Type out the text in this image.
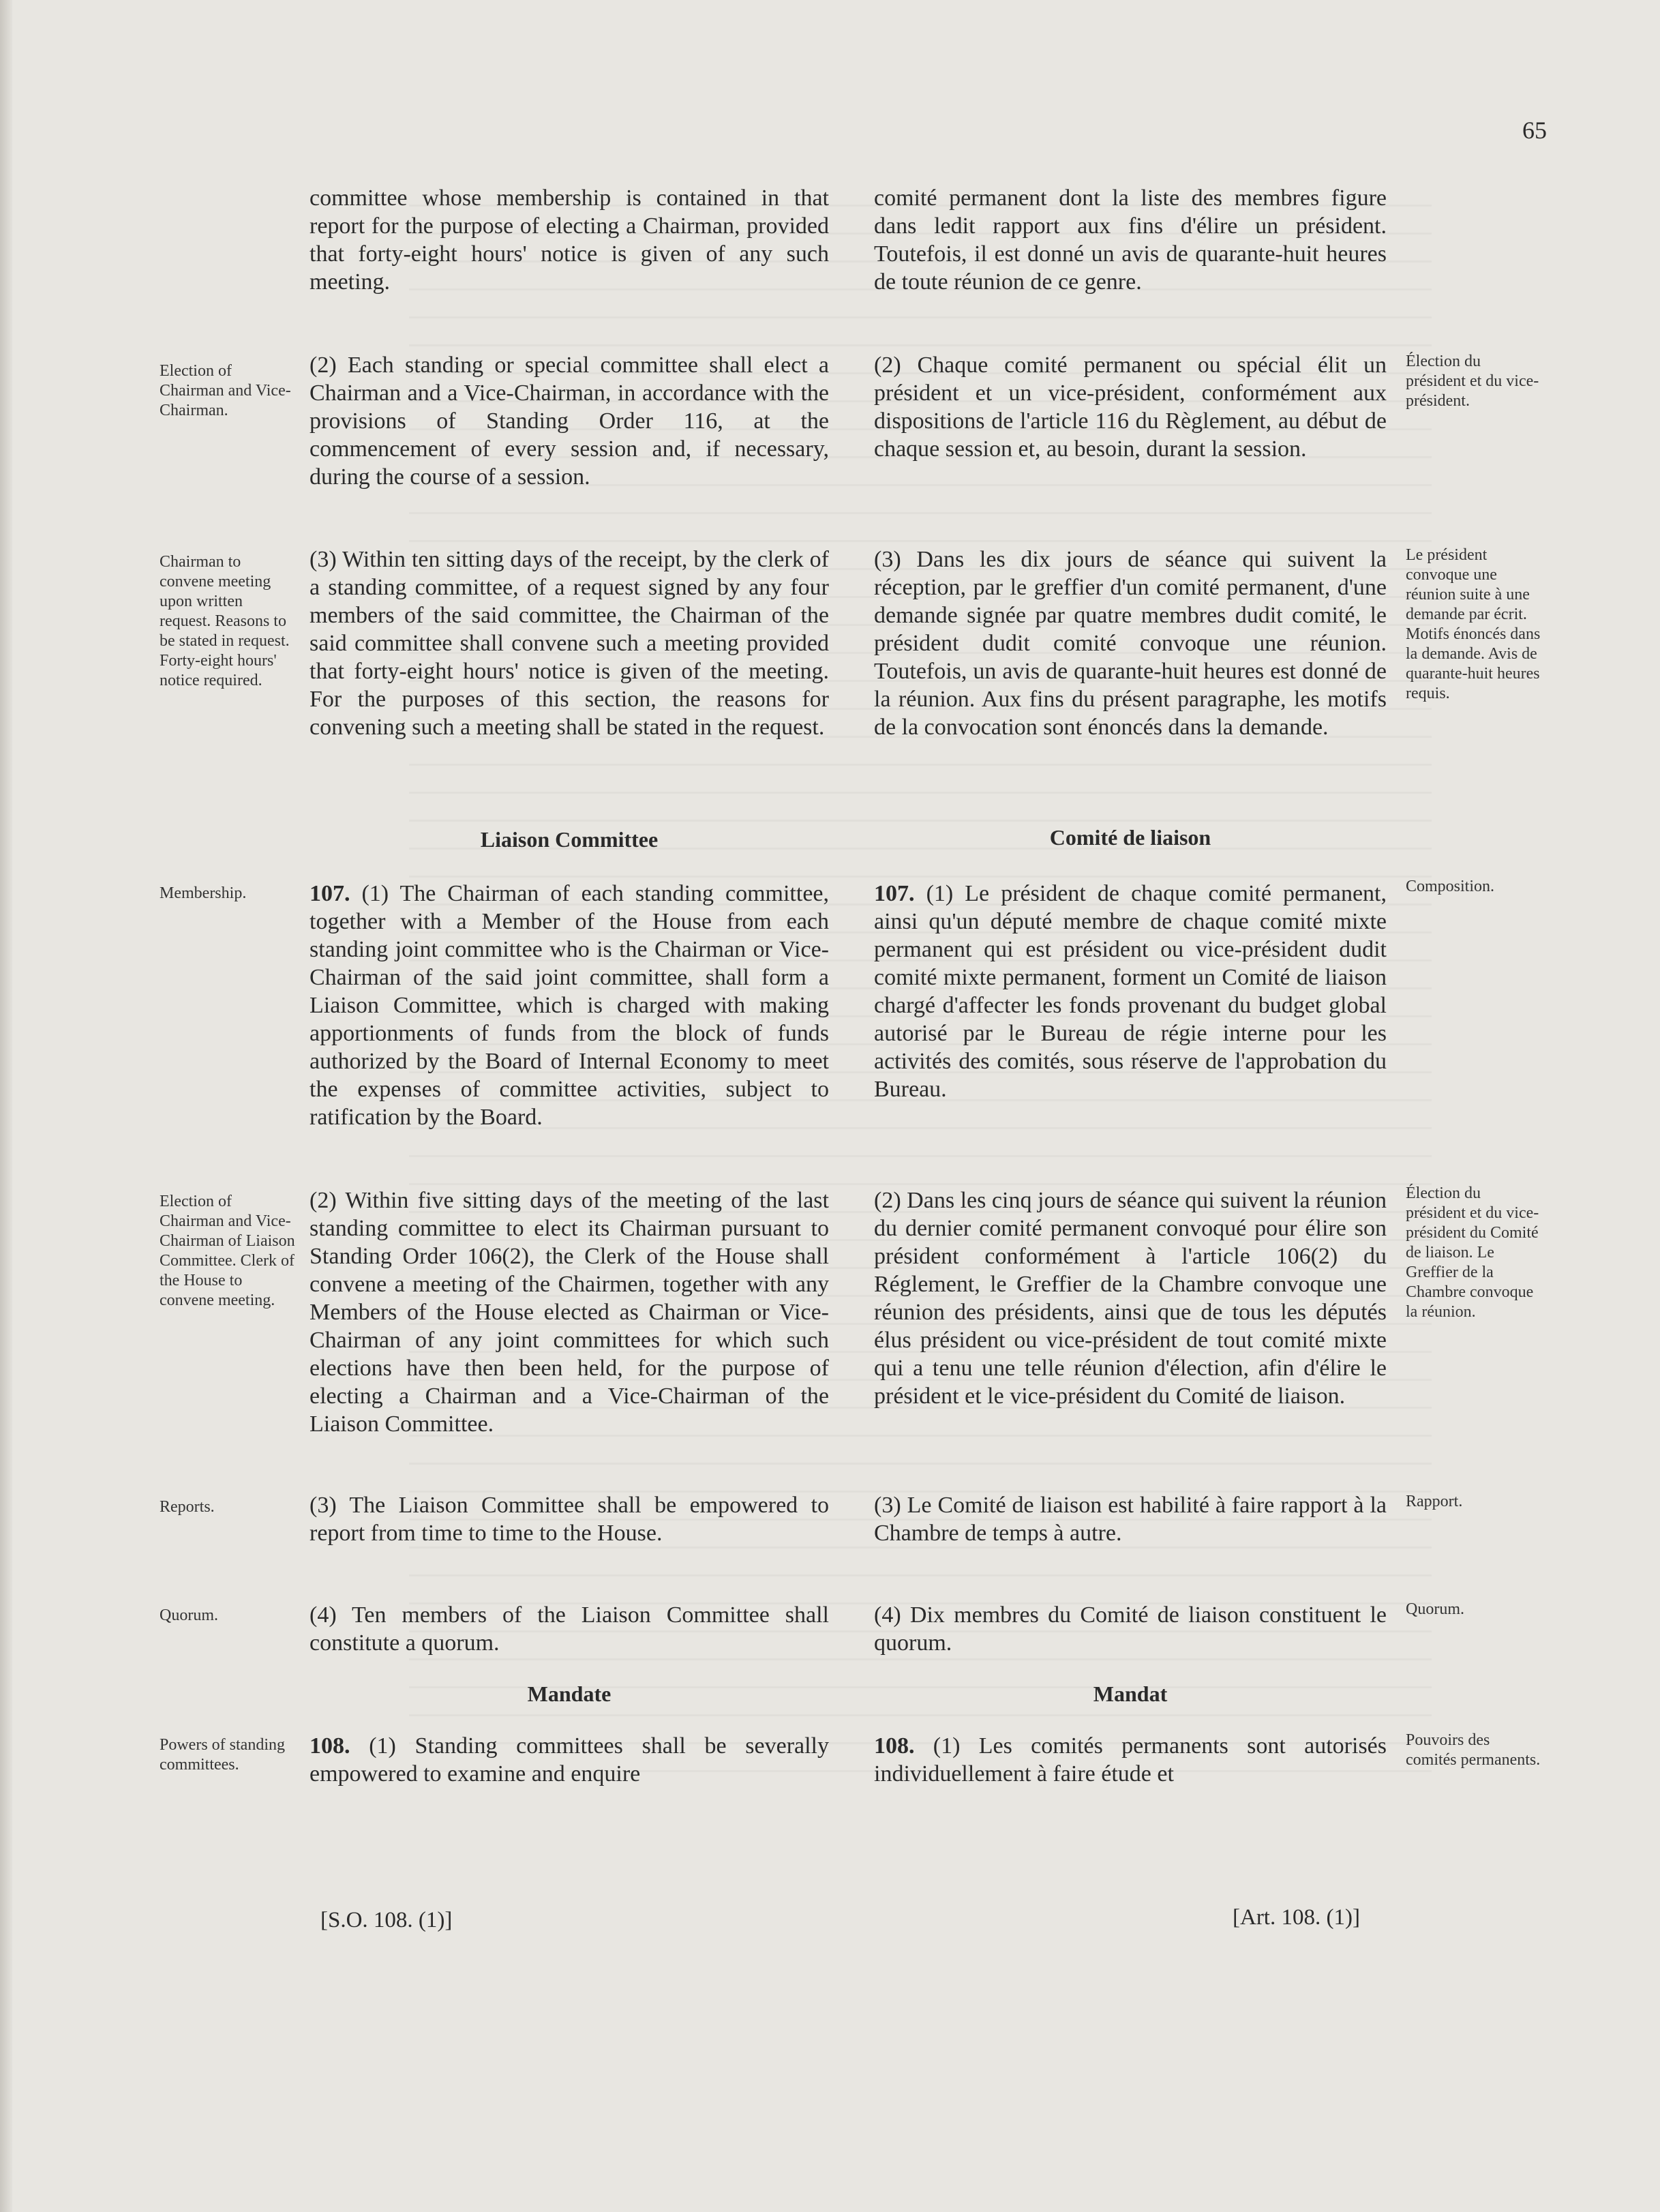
65
committee whose membership is contained in that report for the purpose of electing a Chairman, provided that forty-eight hours' notice is given of any such meeting.
(2) Each standing or special committee shall elect a Chairman and a Vice-Chairman, in accordance with the provisions of Standing Order 116, at the commencement of every session and, if necessary, during the course of a session.
(3) Within ten sitting days of the receipt, by the clerk of a standing committee, of a request signed by any four members of the said committee, the Chairman of the said committee shall convene such a meeting provided that forty-eight hours' notice is given of the meeting. For the purposes of this section, the reasons for convening such a meeting shall be stated in the request.
Liaison Committee
107. (1) The Chairman of each standing committee, together with a Member of the House from each standing joint committee who is the Chairman or Vice-Chairman of the said joint committee, shall form a Liaison Committee, which is charged with making apportionments of funds from the block of funds authorized by the Board of Internal Economy to meet the expenses of committee activities, subject to ratification by the Board.
(2) Within five sitting days of the meeting of the last standing committee to elect its Chairman pursuant to Standing Order 106(2), the Clerk of the House shall convene a meeting of the Chairmen, together with any Members of the House elected as Chairman or Vice-Chairman of any joint committees for which such elections have then been held, for the purpose of electing a Chairman and a Vice-Chairman of the Liaison Committee.
(3) The Liaison Committee shall be empowered to report from time to time to the House.
(4) Ten members of the Liaison Committee shall constitute a quorum.
Mandate
108. (1) Standing committees shall be severally empowered to examine and enquire
Election of Chairman and Vice-Chairman.
Chairman to convene meeting upon written request. Reasons to be stated in request. Forty-eight hours' notice required.
Membership.
Election of Chairman and Vice-Chairman of Liaison Committee. Clerk of the House to convene meeting.
Reports.
Quorum.
Powers of standing committees.
comité permanent dont la liste des membres figure dans ledit rapport aux fins d'élire un président. Toutefois, il est donné un avis de quarante-huit heures de toute réunion de ce genre.
(2) Chaque comité permanent ou spécial élit un président et un vice-président, conformément aux dispositions de l'article 116 du Règlement, au début de chaque session et, au besoin, durant la session.
(3) Dans les dix jours de séance qui suivent la réception, par le greffier d'un comité permanent, d'une demande signée par quatre membres dudit comité, le président dudit comité convoque une réunion. Toutefois, un avis de quarante-huit heures est donné de la réunion. Aux fins du présent paragraphe, les motifs de la convocation sont énoncés dans la demande.
Comité de liaison
107. (1) Le président de chaque comité permanent, ainsi qu'un député membre de chaque comité mixte permanent qui est président ou vice-président dudit comité mixte permanent, forment un Comité de liaison chargé d'affecter les fonds provenant du budget global autorisé par le Bureau de régie interne pour les activités des comités, sous réserve de l'approbation du Bureau.
(2) Dans les cinq jours de séance qui suivent la réunion du dernier comité permanent convoqué pour élire son président conformément à l'article 106(2) du Réglement, le Greffier de la Chambre convoque une réunion des présidents, ainsi que de tous les députés élus président ou vice-président de tout comité mixte qui a tenu une telle réunion d'élection, afin d'élire le président et le vice-président du Comité de liaison.
(3) Le Comité de liaison est habilité à faire rapport à la Chambre de temps à autre.
(4) Dix membres du Comité de liaison constituent le quorum.
Mandat
108. (1) Les comités permanents sont autorisés individuellement à faire étude et
Élection du président et du vice-président.
Le président convoque une réunion suite à une demande par écrit. Motifs énoncés dans la demande. Avis de quarante-huit heures requis.
Composition.
Élection du président et du vice-président du Comité de liaison. Le Greffier de la Chambre convoque la réunion.
Rapport.
Quorum.
Pouvoirs des comités permanents.
[S.O. 108. (1)]	[Art. 108. (1)]
